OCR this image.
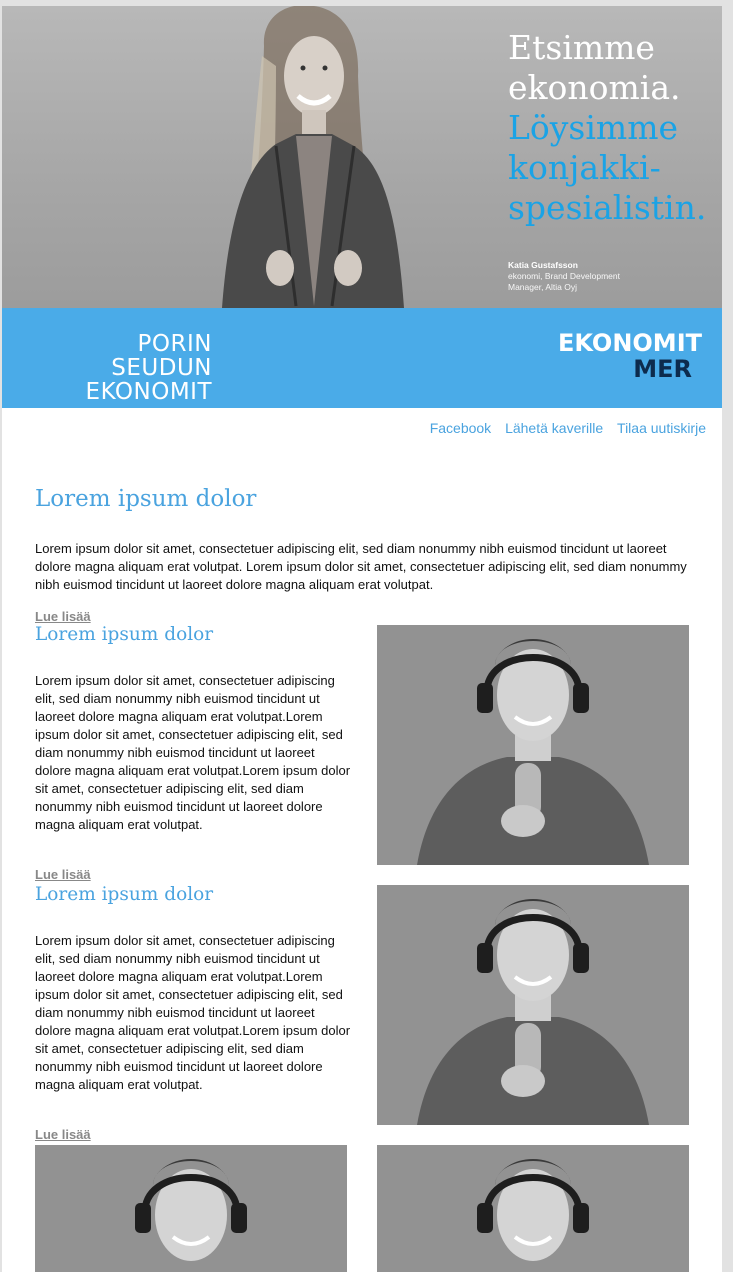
Etsimme
ekonomia.
Löysimme
konjakki-
spesialistin.
Katia Gustafsson
ekonomi, Brand Development
Manager, Altia Oyj
PORIN SEUDUN
EKONOMIT
EKONOMIT
MER
Facebook Lähetä kaverille Tilaa uutiskirje
Lorem ipsum dolor

Lorem ipsum dolor sit amet, consectetuer adipiscing elit, sed diam nonummy nibh euismod tincidunt ut laoreet dolore magna aliquam erat volutpat. Lorem ipsum dolor sit amet, consectetuer adipiscing elit, sed diam nonummy nibh euismod tincidunt ut laoreet dolore magna aliquam erat volutpat.

Lue lisää
Lorem ipsum dolor

Lorem ipsum dolor sit amet, consectetuer adipiscing elit, sed diam nonummy nibh euismod tincidunt ut laoreet dolore magna aliquam erat volutpat.Lorem ipsum dolor sit amet, consectetuer adipiscing elit, sed diam nonummy nibh euismod tincidunt ut laoreet dolore magna aliquam erat volutpat.Lorem ipsum dolor sit amet, consectetuer adipiscing elit, sed diam nonummy nibh euismod tincidunt ut laoreet dolore magna aliquam erat volutpat.

Lue lisää
Lorem ipsum dolor

Lorem ipsum dolor sit amet, consectetuer adipiscing elit, sed diam nonummy nibh euismod tincidunt ut laoreet dolore magna aliquam erat volutpat.Lorem ipsum dolor sit amet, consectetuer adipiscing elit, sed diam nonummy nibh euismod tincidunt ut laoreet dolore magna aliquam erat volutpat.Lorem ipsum dolor sit amet, consectetuer adipiscing elit, sed diam nonummy nibh euismod tincidunt ut laoreet dolore magna aliquam erat volutpat.

Lue lisää
